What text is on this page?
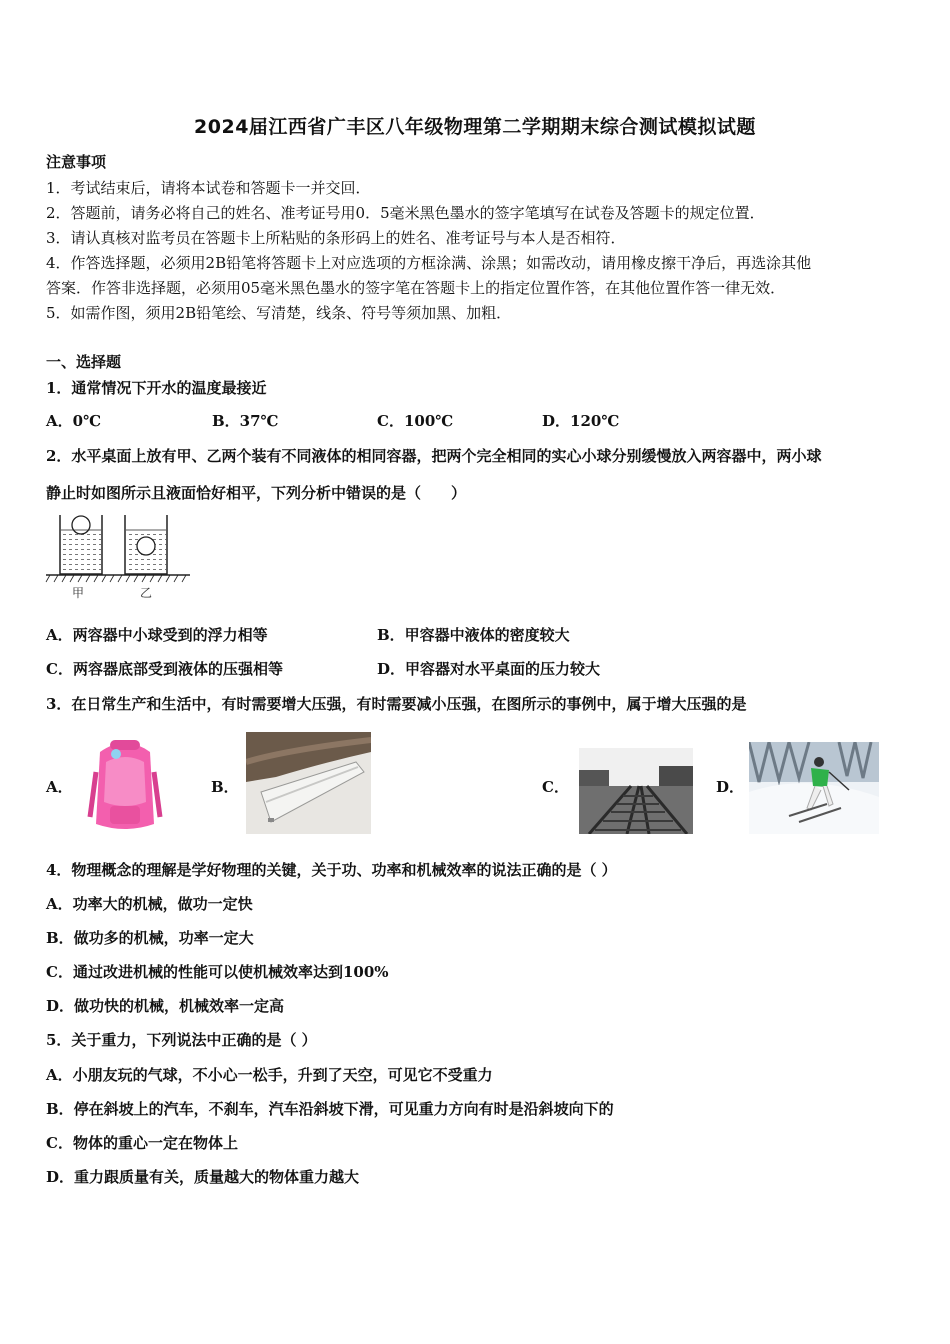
2024届江西省广丰区八年级物理第二学期期末综合测试模拟试题
注意事项
1．考试结束后，请将本试卷和答题卡一并交回．
2．答题前，请务必将自己的姓名、准考证号用0．5毫米黑色墨水的签字笔填写在试卷及答题卡的规定位置．
3．请认真核对监考员在答题卡上所粘贴的条形码上的姓名、准考证号与本人是否相符．
4．作答选择题，必须用2B铅笔将答题卡上对应选项的方框涂满、涂黑；如需改动，请用橡皮擦干净后，再选涂其他
答案．作答非选择题，必须用05毫米黑色墨水的签字笔在答题卡上的指定位置作答，在其他位置作答一律无效．
5．如需作图，须用2B铅笔绘、写清楚，线条、符号等须加黑、加粗．
一、选择题
1．通常情况下开水的温度最接近
A．0℃	B．37℃	C．100℃	D．120℃
2．水平桌面上放有甲、乙两个装有不同液体的相同容器，把两个完全相同的实心小球分别缓慢放入两容器中，两小球
静止时如图所示且液面恰好相平，下列分析中错误的是（　　）
甲	乙
A．两容器中小球受到的浮力相等	B．甲容器中液体的密度较大
C．两容器底部受到液体的压强相等	D．甲容器对水平桌面的压力较大
3．在日常生产和生活中，有时需要增大压强，有时需要减小压强，在图所示的事例中，属于增大压强的是
A．	B．	C．	D．
4．物理概念的理解是学好物理的关键，关于功、功率和机械效率的说法正确的是（ ）
A．功率大的机械，做功一定快
B．做功多的机械，功率一定大
C．通过改进机械的性能可以使机械效率达到100%
D．做功快的机械，机械效率一定高
5．关于重力，下列说法中正确的是（ ）
A．小朋友玩的气球，不小心一松手，升到了天空，可见它不受重力
B．停在斜坡上的汽车，不刹车，汽车沿斜坡下滑，可见重力方向有时是沿斜坡向下的
C．物体的重心一定在物体上
D．重力跟质量有关，质量越大的物体重力越大
